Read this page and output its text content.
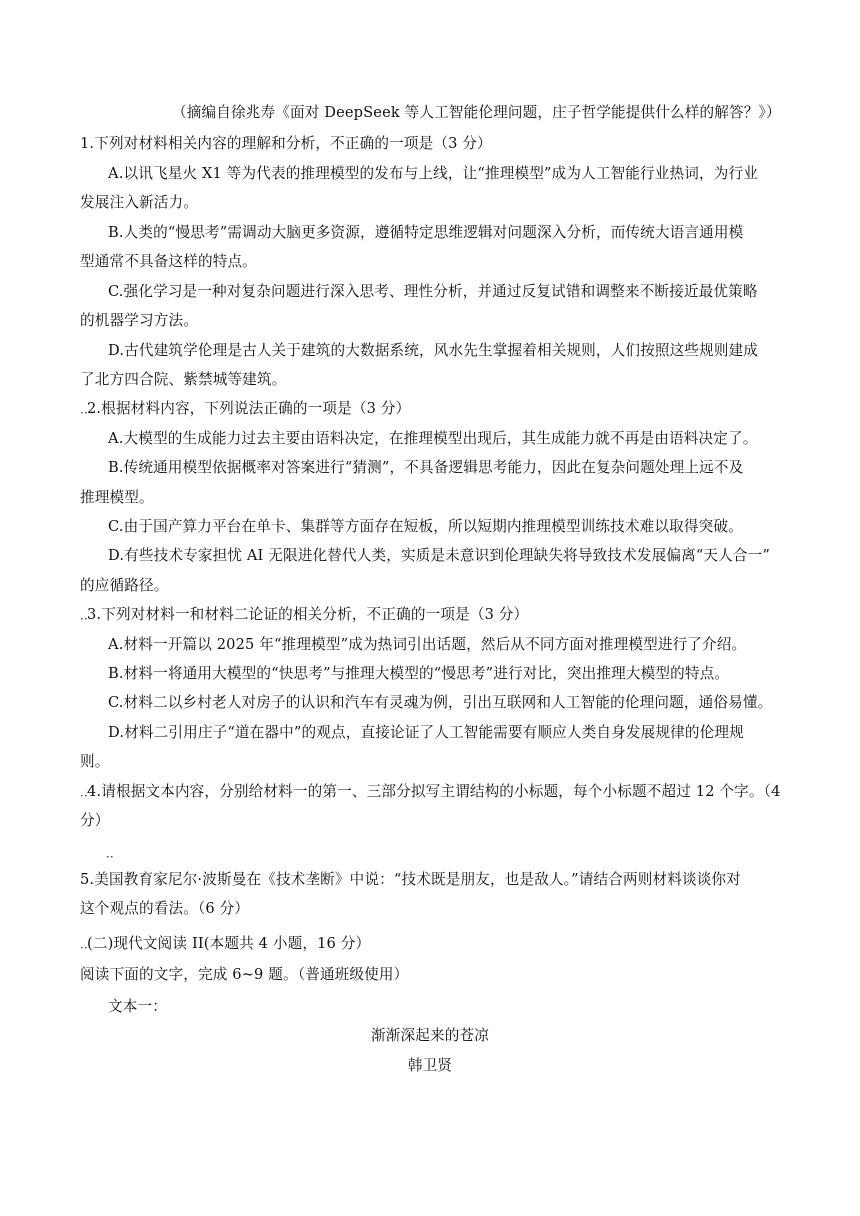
（摘编自徐兆寿《面对 DeepSeek 等人工智能伦理问题，庄子哲学能提供什么样的解答？》）
1.下列对材料相关内容的理解和分析，不正确的一项是（3 分）
A.以讯飞星火 X1 等为代表的推理模型的发布与上线，让“推理模型”成为人工智能行业热词，为行业
发展注入新活力。
B.人类的“慢思考”需调动大脑更多资源，遵循特定思维逻辑对问题深入分析，而传统大语言通用模
型通常不具备这样的特点。
C.强化学习是一种对复杂问题进行深入思考、理性分析，并通过反复试错和调整来不断接近最优策略
的机器学习方法。
D.古代建筑学伦理是古人关于建筑的大数据系统，风水先生掌握着相关规则，人们按照这些规则建成
了北方四合院、紫禁城等建筑。
·· 2.根据材料内容，下列说法正确的一项是（3 分）
A.大模型的生成能力过去主要由语料决定，在推理模型出现后，其生成能力就不再是由语料决定了。
B.传统通用模型依据概率对答案进行“猜测”，不具备逻辑思考能力，因此在复杂问题处理上远不及
推理模型。
C.由于国产算力平台在单卡、集群等方面存在短板，所以短期内推理模型训练技术难以取得突破。
D.有些技术专家担忧 AI 无限进化替代人类，实质是未意识到伦理缺失将导致技术发展偏离“天人合一”
的应循路径。
·· 3.下列对材料一和材料二论证的相关分析，不正确的一项是（3 分）
A.材料一开篇以 2025 年“推理模型”成为热词引出话题，然后从不同方面对推理模型进行了介绍。
B.材料一将通用大模型的“快思考”与推理大模型的“慢思考”进行对比，突出推理大模型的特点。
C.材料二以乡村老人对房子的认识和汽车有灵魂为例，引出互联网和人工智能的伦理问题，通俗易懂。
D.材料二引用庄子“道在器中”的观点，直接论证了人工智能需要有顺应人类自身发展规律的伦理规
则。
·· 4.请根据文本内容，分别给材料一的第一、三部分拟写主谓结构的小标题，每个小标题不超过 12 个字。（4
分）
··
5.美国教育家尼尔·波斯曼在《技术垄断》中说：“技术既是朋友，也是敌人。”请结合两则材料谈谈你对
这个观点的看法。（6 分）
·· (二)现代文阅读 II(本题共 4 小题，16 分）
阅读下面的文字，完成 6~9 题。（普通班级使用）
文本一：
渐渐深起来的苍凉
韩卫贤
